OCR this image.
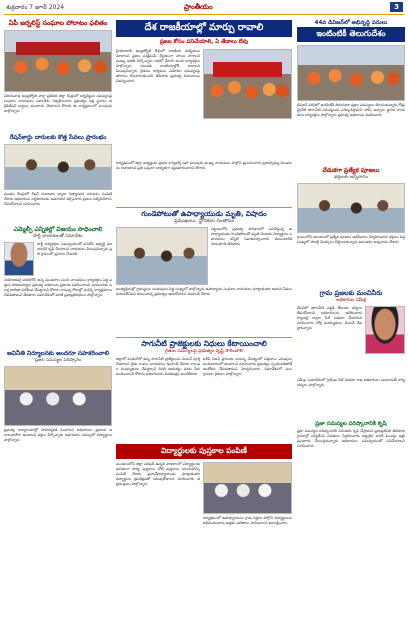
శుక్రవారం 7 జూన్ 2024	ప్రాంతీయం	3
ఏపీ జర్నలిస్ట్ సంఘాల పోరాటం ఫలితం
విజయవాడ ఆంధ్రజ్యోతి వార్తా ప్రతినిధి జిల్లా కేంద్రంలో జర్నలిస్టుల సమస్యలపై సంఘాల నాయకులు సమావేశం నిర్వహించారు ప్రభుత్వం ఇళ్ల స్థలాలు అక్రిడిటేషన్ కార్డులు మంజూరు చేయాలని కోరారు ఈ కార్యక్రమంలో పలువురు పాల్గొన్నారు
రేషన్‌కార్డు దారులకు కొత్త సేవలు ప్రారంభం
మండల కేంద్రంలో రేషన్ దుకాణాల ద్వారా నిత్యావసర సరుకులు పంపిణీ చేశారు అధికారులు లబ్ధిదారులకు అవగాహన కల్పించారు ప్రజలు సద్వినియోగం చేసుకోవాలని సూచించారు
ఎమ్మెల్సీ ఎన్నికల్లో విజయం సాధించాలి
పార్టీ నాయకులతో సమావేశం
పార్టీ కార్యకర్తలు సమన్వయంతో పనిచేసి అభ్యర్థి విజయానికి కృషి చేయాలని నాయకులు పిలుపునిచ్చారు ప్రతి గ్రామంలో ప్రచారం చేయాలి
నియోజకవర్గ పరిధిలోని అన్ని మండలాల నుంచి నాయకులు కార్యకర్తలు పెద్ద ఎత్తున హాజరయ్యారు ప్రభుత్వ పథకాలను ప్రజలకు వివరించాలని సూచించారు ఓటర్ల జాబితా పరిశీలన చేపట్టాలని కోరారు రానున్న రోజుల్లో మరిన్ని కార్యక్రమాలు చేపడతామని తెలిపారు సమావేశంలో మాజీ ప్రజాప్రతినిధులు పాల్గొన్నారు
అవినీతి నిర్మూలనకు అందరూ సహకరించాలి
ప్రజల సమస్యల పరిష్కారం
ప్రభుత్వ కార్యాలయాల్లో పారదర్శకత పెంచాలని అధికారులు ప్రజలకు జవాబుదారీగా ఉండాలని వక్తలు పేర్కొన్నారు అవగాహన సదస్సులో విద్యార్థులు పాల్గొన్నారు
దేశ రాజకీయాల్లో మార్పు రావాలి
ప్రజల కోసం పనిచేయాలి, ఏ తేడాలు లేవు
హైదరాబాద్ ఆంధ్రజ్యోతి దేశంలో రాజకీయ పరిస్థితులు మారాలని ప్రజల సంక్షేమమే ధ్యేయంగా పాలన సాగాలని ముఖ్య అతిథి పేర్కొన్నారు సభలో వేలాది మంది కార్యకర్తలు పాల్గొన్నారు యువత రాజకీయాల్లోకి రావాలని పిలుపునిచ్చారు రైతులు కార్మికులు మహిళల సమస్యలపై పోరాటం కొనసాగుతుందని తెలిపారు ప్రభుత్వ విధానాలను విమర్శించారు
కార్యక్రమంలో జిల్లా అధ్యక్షుడు ప్రధాన కార్యదర్శి సహా పలువురు ముఖ్య నాయకులు పాల్గొని ప్రసంగించారు ప్రజాస్వామ్య విలువలను కాపాడాలని ప్రతి ఒక్కరూ బాధ్యతగా వ్యవహరించాలని కోరారు
గుండెపోటుతో ఉపాధ్యాయుడు మృతి, విషాదం
ప్రముఖులు, స్థానికుల సంతాపం
పట్టణంలోని ప్రభుత్వ పాఠశాలలో పనిచేస్తున్న ఉపాధ్యాయుడు గుండెపోటుతో మృతి చెందారు విద్యార్థులు సహచరులు కన్నీటి నివాళులర్పించారు కుటుంబానికి సానుభూతి తెలిపారు
అంత్యక్రియల్లో గ్రామస్థులు బంధువులు పెద్ద సంఖ్యలో పాల్గొన్నారు ఉపాధ్యాయ సంఘాల నాయకులు మాట్లాడుతూ ఆయన సేవలు మరువలేనివని కుటుంబాన్ని ప్రభుత్వం ఆదుకోవాలని డిమాండ్ చేశారు
సాగునీటి ప్రాజెక్టులకు నిధులు కేటాయించాలి
రైతుల సమస్యలపై ప్రభుత్వం దృష్టి సారించాలి
జిల్లాలో పెండింగ్‌లో ఉన్న సాగునీటి ప్రాజెక్టులను వెంటనే పూర్తి చేయాలని రైతు సంఘం నాయకులు డిమాండ్ చేశారు కాలువల మరమ్మతులు చేపట్టాలని చివరి ఆయకట్టు వరకు నీరు అందించాలని కోరారు అధికారులకు వినతిపత్రం అందజేశారు
ఖరీఫ్ సీజన్ ప్రారంభం కానున్న నేపథ్యంలో విత్తనాలు ఎరువులు అందుబాటులో ఉంచాలని సూచించారు ప్రభుత్వం స్పందించకపోతే ఆందోళన చేపడతామని హెచ్చరించారు సమావేశంలో పలు గ్రామాల రైతులు పాల్గొన్నారు
విద్యార్థులకు పుస్తకాల పంపిణీ
మండలంలోని జిల్లా పరిషత్ ఉన్నత పాఠశాలలో విద్యార్థులకు ఉచితంగా పాఠ్య పుస్తకాలు నోట్ పుస్తకాలు యూనిఫామ్స్ పంపిణీ చేశారు ప్రధానోపాధ్యాయుడు మాట్లాడుతూ విద్యార్థులు క్రమశిక్షణతో చదువుకోవాలని సూచించారు తల్లిదండ్రులు పాల్గొన్నారు
కార్యక్రమంలో ఉపాధ్యాయులు గ్రామ పెద్దలు పాల్గొని విద్యార్థులను అభినందించారు ఉత్తమ ఫలితాలు సాధించాలని ఆకాంక్షించారు
44వ డివిజన్‌లో అభివృద్ధి పనులు
ఇంటింటికీ తెలుగుదేశం
డివిజన్ పరిధిలో ఇంటింటికీ తిరుగుతూ ప్రజల సమస్యలు తెలుసుకున్నారు రోడ్లు డ్రైనేజీ తాగునీటి సమస్యలను పరిష్కరిస్తామని హామీ ఇచ్చారు స్థానిక నాయకులు కార్యకర్తలు పాల్గొన్నారు ప్రభుత్వ పథకాలను వివరించారు
వేడుకగా ప్రత్యేక పూజలు
భక్తులకు అన్నదానం
గ్రామంలోని ఆలయంలో ప్రత్యేక పూజలు అభిషేకాలు నిర్వహించారు భక్తులు పెద్ద సంఖ్యలో హాజరై మొక్కులు చెల్లించుకున్నారు అనంతరం అన్నదానం చేశారు
గ్రామ ప్రజలకు మంచినీరు
అధికారుల సమీక్ష
వేసవిలో తాగునీటి ఎద్దడి లేకుండా చర్యలు తీసుకోవాలని అధికారులను ఆదేశించారు ట్యాంకర్ల ద్వారా నీటి సరఫరా చేయాలని సూచించారు బోర్ల మరమ్మతులు వెంటనే చేపట్టాలన్నారు
సమీక్షా సమావేశంలో గ్రామీణ నీటి సరఫరా శాఖ అధికారులు పంచాయతీ కార్యదర్శులు పాల్గొన్నారు
ప్రజా సమస్యల పరిష్కారానికి కృషి
ప్రజా సమస్యల పరిష్కారానికి నిరంతరం కృషి చేస్తామని ప్రజాప్రతినిధి తెలిపారు గ్రామాల్లో పర్యటించి వినతులు స్వీకరించారు అర్హులైన వారికి పింఛన్లు ఇళ్లు మంజూరు చేయిస్తామన్నారు అధికారులు సమన్వయంతో పనిచేయాలని సూచించారు
